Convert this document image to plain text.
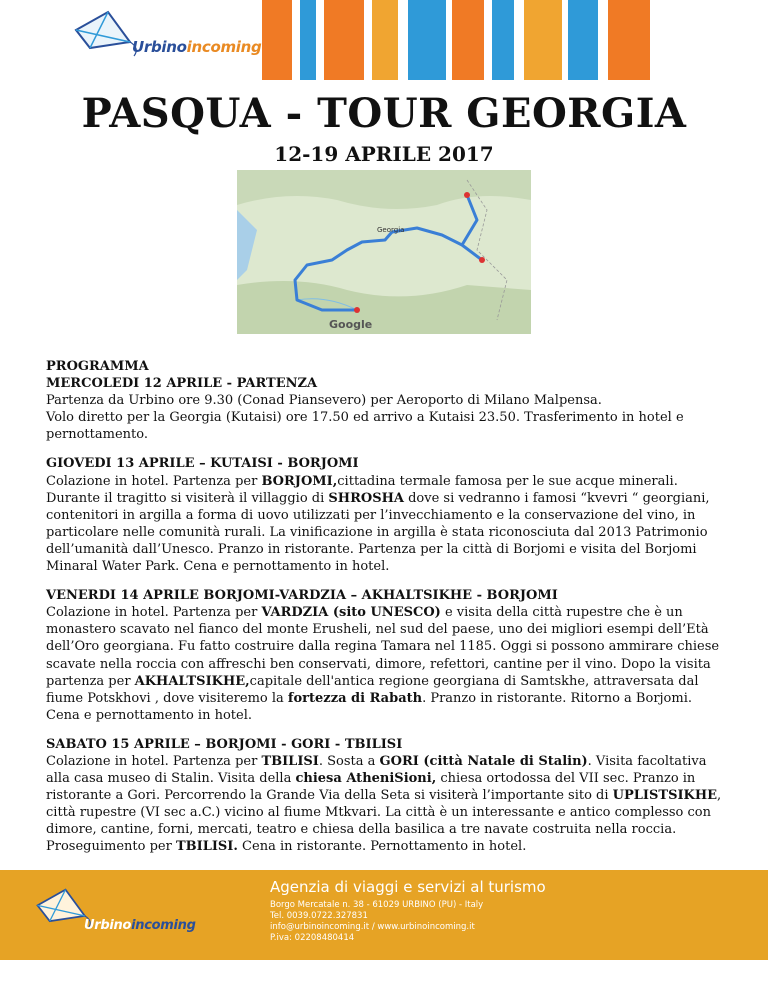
Urbinoincoming
PASQUA - TOUR GEORGIA
12-19 APRILE 2017
Georgia
Google
PROGRAMMA

MERCOLEDI 12 APRILE - PARTENZA
Partenza da Urbino ore 9.30 (Conad Piansevero) per Aeroporto di Milano Malpensa.
Volo diretto per la Georgia (Kutaisi) ore 17.50 ed arrivo a Kutaisi 23.50. Trasferimento in hotel e pernottamento.

GIOVEDI 13 APRILE – KUTAISI - BORJOMI
Colazione in hotel. Partenza per BORJOMI,cittadina termale famosa per le sue acque minerali. Durante il tragitto si visiterà il villaggio di SHROSHA dove si vedranno i famosi “kvevri “ georgiani, contenitori in argilla a forma di uovo utilizzati per l’invecchiamento e la conservazione del vino, in particolare nelle comunità rurali. La vinificazione in argilla è stata riconosciuta dal 2013 Patrimonio dell’umanità dall’Unesco. Pranzo in ristorante. Partenza per la città di Borjomi e visita del Borjomi Minaral Water Park. Cena e pernottamento in hotel.

VENERDI 14 APRILE BORJOMI-VARDZIA – AKHALTSIKHE - BORJOMI
Colazione in hotel. Partenza per VARDZIA (sito UNESCO) e visita della città rupestre che è un monastero scavato nel fianco del monte Erusheli, nel sud del paese, uno dei migliori esempi dell’Età dell’Oro georgiana. Fu fatto costruire dalla regina Tamara nel 1185. Oggi si possono ammirare chiese scavate nella roccia con affreschi ben conservati, dimore, refettori, cantine per il vino. Dopo la visita partenza per AKHALTSIKHE,capitale dell'antica regione georgiana di Samtskhe, attraversata dal fiume Potskhovi , dove visiteremo la fortezza di Rabath. Pranzo in ristorante. Ritorno a Borjomi. Cena e pernottamento in hotel.

SABATO 15 APRILE – BORJOMI - GORI - TBILISI
Colazione in hotel. Partenza per TBILISI. Sosta a GORI (città Natale di Stalin). Visita facoltativa alla casa museo di Stalin. Visita della chiesa AtheniSioni, chiesa ortodossa del VII sec. Pranzo in ristorante a Gori. Percorrendo la Grande Via della Seta si visiterà l’importante sito di UPLISTSIKHE, città rupestre (VI sec a.C.) vicino al fiume Mtkvari. La città è un interessante e antico complesso con dimore, cantine, forni, mercati, teatro e chiesa della basilica a tre navate costruita nella roccia. Proseguimento per TBILISI. Cena in ristorante. Pernottamento in hotel.

Agenzia di viaggi e servizi al turismo
Borgo Mercatale n. 38 - 61029 URBINO (PU) - Italy
Tel. 0039.0722.327831
info@urbinoincoming.it / www.urbinoincoming.it
P.iva: 02208480414
Urbinoincoming
